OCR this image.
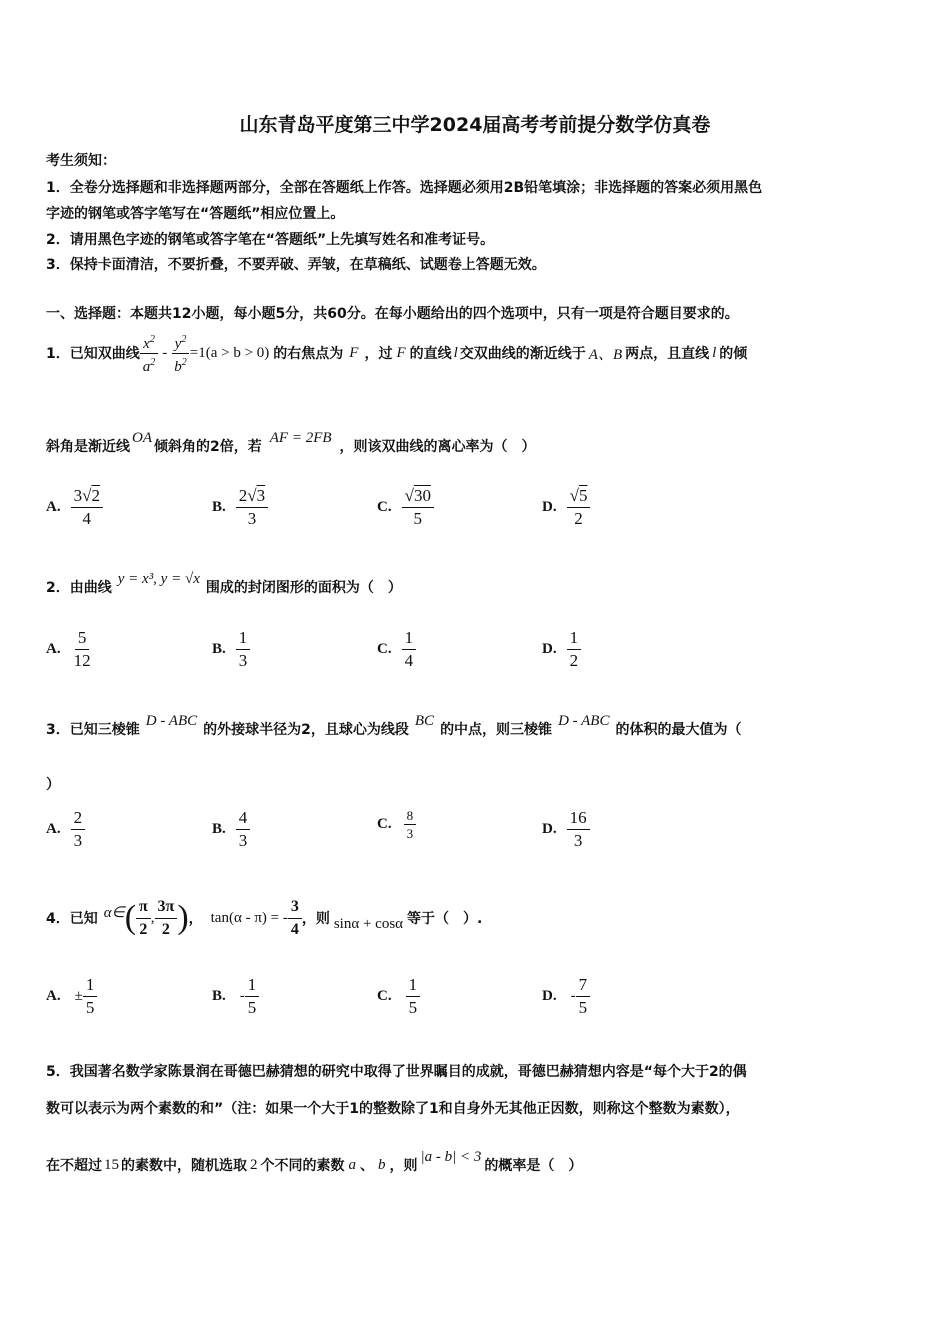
山东青岛平度第三中学2024届高考考前提分数学仿真卷
考生须知：
1．全卷分选择题和非选择题两部分，全部在答题纸上作答。选择题必须用2B铅笔填涂；非选择题的答案必须用黑色
字迹的钢笔或答字笔写在“答题纸”相应位置上。
2．请用黑色字迹的钢笔或答字笔在“答题纸”上先填写姓名和准考证号。
3．保持卡面清洁，不要折叠，不要弄破、弄皱，在草稿纸、试题卷上答题无效。
一、选择题：本题共12小题，每小题5分，共60分。在每小题给出的四个选项中，只有一项是符合题目要求的。
1．已知双曲线 $\frac{x^2}{a^2} - \frac{y^2}{b^2} =1(a > b > 0)$ 的右焦点为 F ，过 F 的直线 l 交双曲线的渐近线于 A、B 两点，且直线 l 的倾
斜角是渐近线
OA
倾斜角的2倍，若
AF = 2FB
，则该双曲线的离心率为（　）
A. $\frac{3√2}{4}$	B. $\frac{2√3}{3}$	C. $\frac{√30}{5}$	D. $\frac{√5}{2}$
2．由曲线
y = x³, y = √x
围成的封闭图形的面积为（　）
A. $\frac{5}{12}$	B. $\frac{1}{3}$	C. $\frac{1}{4}$	D. $\frac{1}{2}$
3．已知三棱锥
D - ABC
的外接球半径为2，且球心为线段
BC
的中点，则三棱锥
D - ABC
的体积的最大值为（
）
A. $\frac{2}{3}$	B. $\frac{4}{3}$	C. $\frac{8}{3}$	D. $\frac{16}{3}$
4．已知 α∈ ( $\frac{\pi}{2}$ , $\frac{3\pi}{2}$ ) ， tan(α - π) = - $\frac{3}{4}$ ，则 sinα + cosα 等于（　）.
A. ± $\frac{1}{5}$	B. - $\frac{1}{5}$	C. $\frac{1}{5}$	D. - $\frac{7}{5}$
5．我国著名数学家陈景润在哥德巴赫猜想的研究中取得了世界瞩目的成就，哥德巴赫猜想内容是“每个大于2的偶
数可以表示为两个素数的和”（注：如果一个大于1的整数除了1和自身外无其他正因数，则称这个整数为素数），
在不超过 15 的素数中，随机选取 2 个不同的素数 a 、 b ，则
|a - b| < 3
的概率是（　）
